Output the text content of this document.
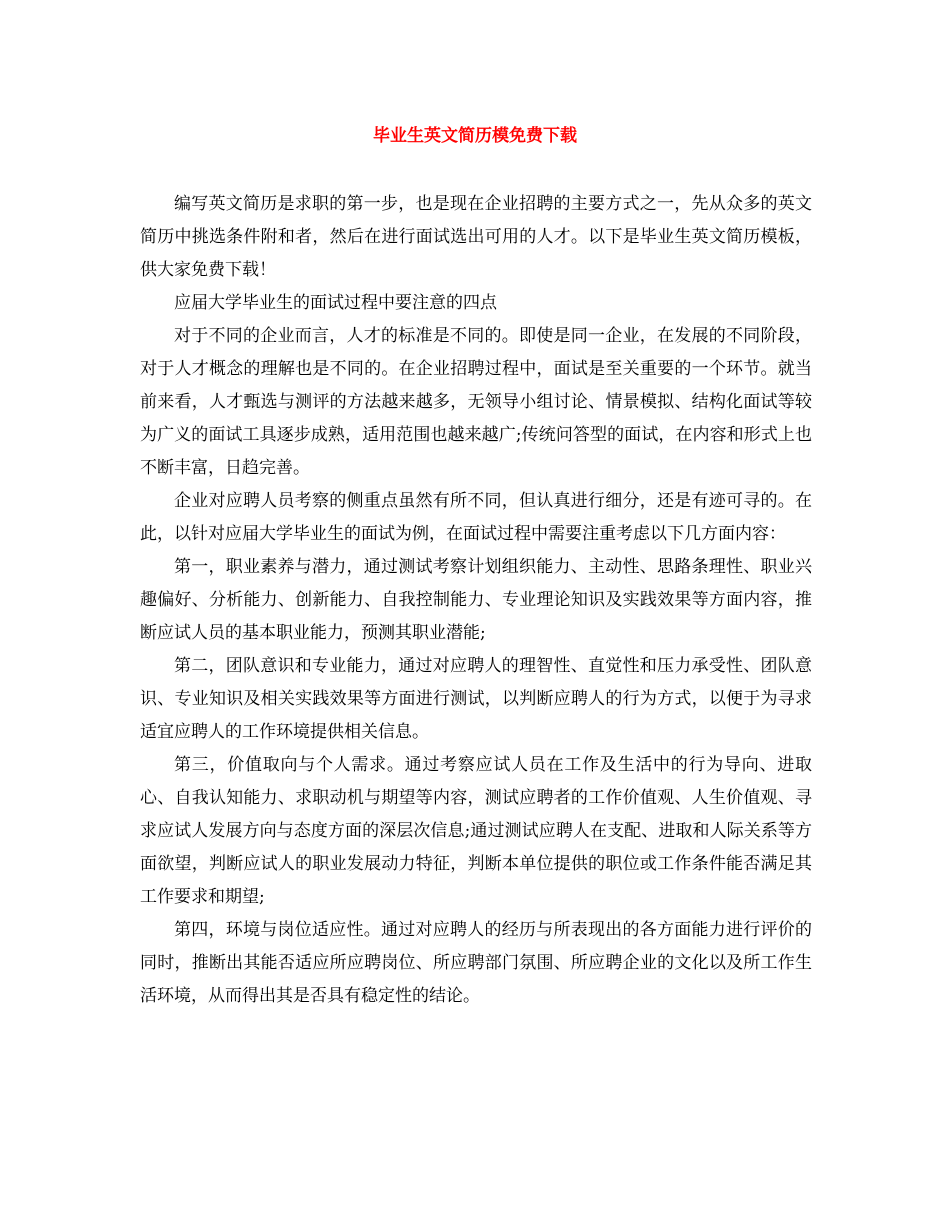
毕业生英文简历模免费下载

编写英文简历是求职的第一步，也是现在企业招聘的主要方式之一，先从众多的英文简历中挑选条件附和者，然后在进行面试选出可用的人才。以下是毕业生英文简历模板，供大家免费下载！

应届大学毕业生的面试过程中要注意的四点

对于不同的企业而言，人才的标准是不同的。即使是同一企业，在发展的不同阶段，对于人才概念的理解也是不同的。在企业招聘过程中，面试是至关重要的一个环节。就当前来看，人才甄选与测评的方法越来越多，无领导小组讨论、情景模拟、结构化面试等较为广义的面试工具逐步成熟，适用范围也越来越广;传统问答型的面试，在内容和形式上也不断丰富，日趋完善。

企业对应聘人员考察的侧重点虽然有所不同，但认真进行细分，还是有迹可寻的。在此，以针对应届大学毕业生的面试为例，在面试过程中需要注重考虑以下几方面内容：

第一，职业素养与潜力，通过测试考察计划组织能力、主动性、思路条理性、职业兴趣偏好、分析能力、创新能力、自我控制能力、专业理论知识及实践效果等方面内容，推断应试人员的基本职业能力，预测其职业潜能;

第二，团队意识和专业能力，通过对应聘人的理智性、直觉性和压力承受性、团队意识、专业知识及相关实践效果等方面进行测试，以判断应聘人的行为方式，以便于为寻求适宜应聘人的工作环境提供相关信息。

第三，价值取向与个人需求。通过考察应试人员在工作及生活中的行为导向、进取心、自我认知能力、求职动机与期望等内容，测试应聘者的工作价值观、人生价值观、寻求应试人发展方向与态度方面的深层次信息;通过测试应聘人在支配、进取和人际关系等方面欲望，判断应试人的职业发展动力特征，判断本单位提供的职位或工作条件能否满足其工作要求和期望;

第四，环境与岗位适应性。通过对应聘人的经历与所表现出的各方面能力进行评价的同时，推断出其能否适应所应聘岗位、所应聘部门氛围、所应聘企业的文化以及所工作生活环境，从而得出其是否具有稳定性的结论。
